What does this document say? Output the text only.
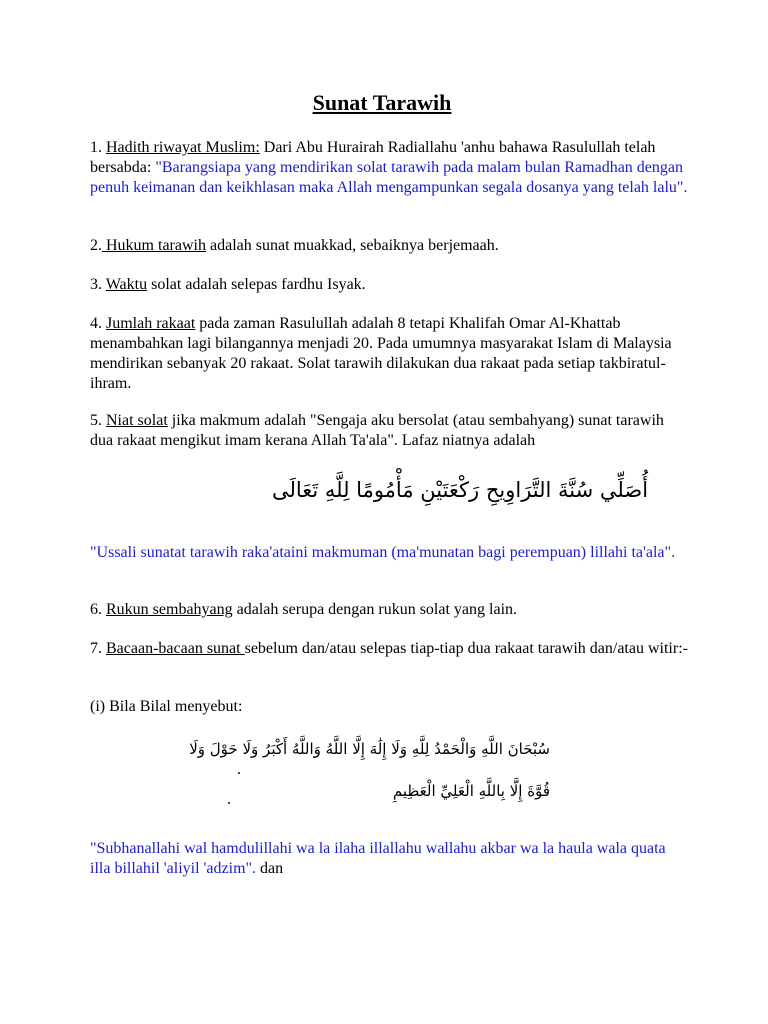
Sunat Tarawih

1. Hadith riwayat Muslim: Dari Abu Hurairah Radiallahu 'anhu bahawa Rasulullah telah bersabda: "Barangsiapa yang mendirikan solat tarawih pada malam bulan Ramadhan dengan penuh keimanan dan keikhlasan maka Allah mengampunkan segala dosanya yang telah lalu".

2. Hukum tarawih adalah sunat muakkad, sebaiknya berjemaah.

3. Waktu solat adalah selepas fardhu Isyak.

4. Jumlah rakaat pada zaman Rasulullah adalah 8 tetapi Khalifah Omar Al-Khattab menambahkan lagi bilangannya menjadi 20. Pada umumnya masyarakat Islam di Malaysia mendirikan sebanyak 20 rakaat. Solat tarawih dilakukan dua rakaat pada setiap takbiratul-ihram.

5. Niat solat jika makmum adalah "Sengaja aku bersolat (atau sembahyang) sunat tarawih dua rakaat mengikut imam kerana Allah Ta'ala". Lafaz niatnya adalah

أُصَلِّي سُنَّةَ التَّرَاوِيحِ رَكْعَتَيْنِ مَأْمُومًا لِلَّهِ تَعَالَى

"Ussali sunatat tarawih raka'ataini makmuman (ma'munatan bagi perempuan) lillahi ta'ala".

6. Rukun sembahyang adalah serupa dengan rukun solat yang lain.

7. Bacaan-bacaan sunat sebelum dan/atau selepas tiap-tiap dua rakaat tarawih dan/atau witir:-

(i) Bila Bilal menyebut:

سُبْحَانَ اللَّهِ وَالْحَمْدُ لِلَّهِ وَلَا إِلَٰهَ إِلَّا اللَّهُ وَاللَّهُ أَكْبَرُ وَلَا حَوْلَ وَلَا
قُوَّةَ إِلَّا بِاللَّهِ الْعَلِيِّ الْعَظِيمِ

"Subhanallahi wal hamdulillahi wa la ilaha illallahu wallahu akbar wa la haula wala quata illa billahil 'aliyil 'adzim". dan
